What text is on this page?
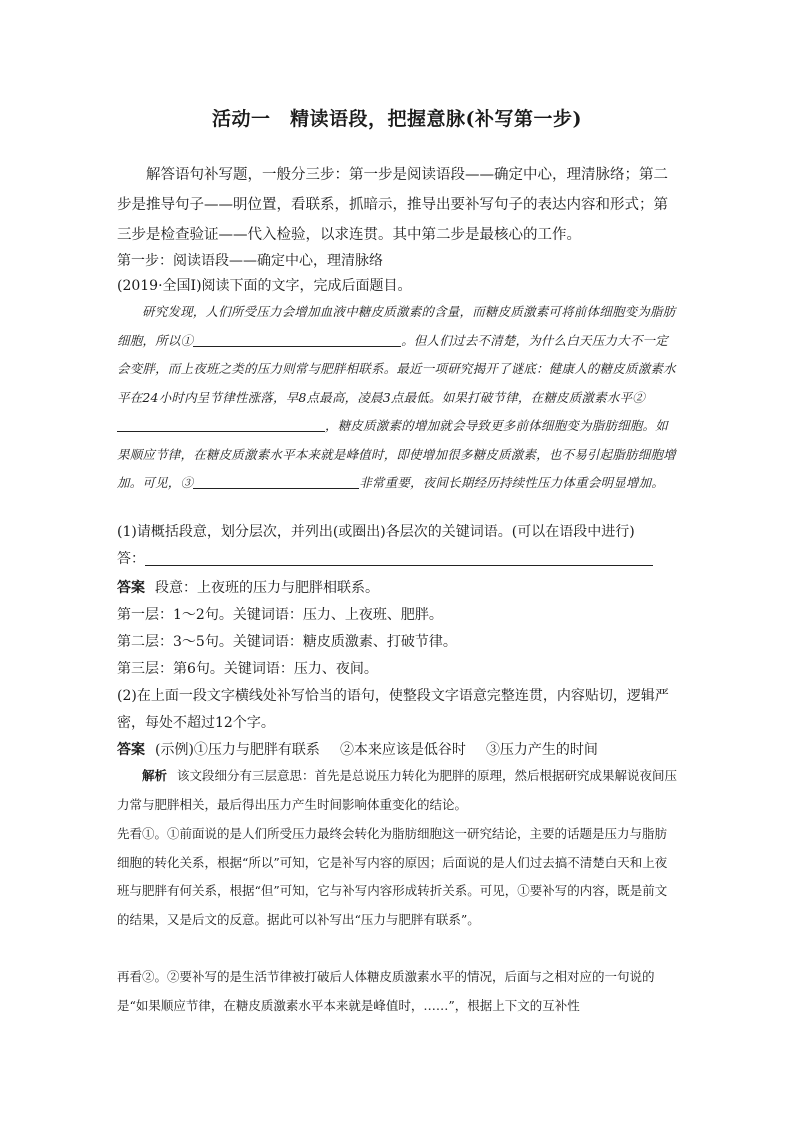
活动一　精读语段，把握意脉(补写第一步)

解答语句补写题，一般分三步：第一步是阅读语段——确定中心，理清脉络；第二步是推导句子——明位置，看联系，抓暗示，推导出要补写句子的表达内容和形式；第三步是检查验证——代入检验，以求连贯。其中第二步是最核心的工作。

第一步：阅读语段——确定中心，理清脉络
(2019·全国Ⅰ)阅读下面的文字，完成后面题目。

研究发现，人们所受压力会增加血液中糖皮质激素的含量，而糖皮质激素可将前体细胞变为脂肪细胞，所以①	。但人们过去不清楚，为什么白天压力大不一定会变胖，而上夜班之类的压力则常与肥胖相联系。最近一项研究揭开了谜底：健康人的糖皮质激素水平在24小时内呈节律性涨落，早8点最高，凌晨3点最低。如果打破节律，在糖皮质激素水平②，糖皮质激素的增加就会导致更多前体细胞变为脂肪细胞。如果顺应节律，在糖皮质激素水平本来就是峰值时，即使增加很多糖皮质激素，也不易引起脂肪细胞增加。可见，③	非常重要，夜间长期经历持续性压力体重会明显增加。

(1)请概括段意，划分层次，并列出(或圈出)各层次的关键词语。(可以在语段中进行)
答：
答案 段意：上夜班的压力与肥胖相联系。
第一层：1～2句。关键词语：压力、上夜班、肥胖。
第二层：3～5句。关键词语：糖皮质激素、打破节律。
第三层：第6句。关键词语：压力、夜间。

(2)在上面一段文字横线处补写恰当的语句，使整段文字语意完整连贯，内容贴切，逻辑严密，每处不超过12个字。

答案 (示例)①压力与肥胖有联系 ②本来应该是低谷时 ③压力产生的时间

解析 该文段细分有三层意思：首先是总说压力转化为肥胖的原理，然后根据研究成果解说夜间压力常与肥胖相关，最后得出压力产生时间影响体重变化的结论。

先看①。①前面说的是人们所受压力最终会转化为脂肪细胞这一研究结论，主要的话题是压力与脂肪细胞的转化关系，根据“所以”可知，它是补写内容的原因；后面说的是人们过去搞不清楚白天和上夜班与肥胖有何关系，根据“但”可知，它与补写内容形成转折关系。可见，①要补写的内容，既是前文的结果，又是后文的反意。据此可以补写出“压力与肥胖有联系”。

再看②。②要补写的是生活节律被打破后人体糖皮质激素水平的情况，后面与之相对应的一句说的是“如果顺应节律，在糖皮质激素水平本来就是峰值时，……”，根据上下文的互补性
